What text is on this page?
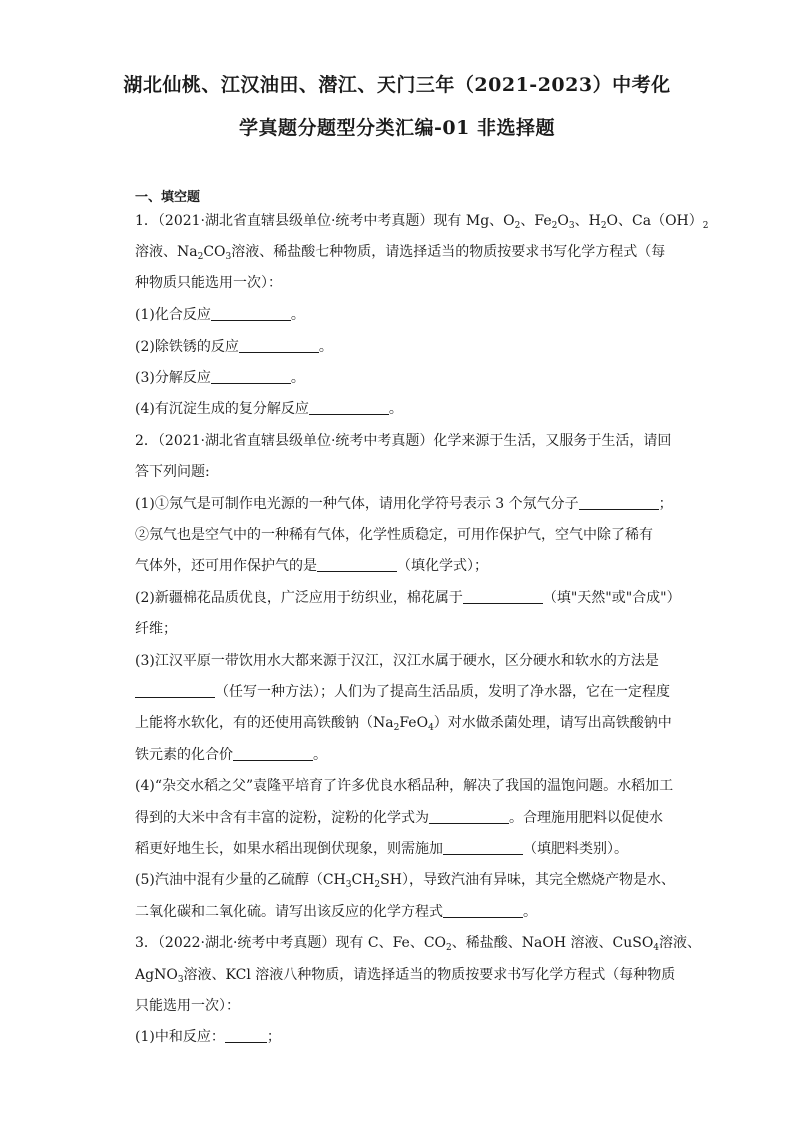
湖北仙桃、江汉油田、潜江、天门三年（2021-2023）中考化
学真题分题型分类汇编-01 非选择题
一、填空题
1．（2021·湖北省直辖县级单位·统考中考真题）现有 Mg、$O_2$、$Fe_2O_3$、$H_2O$、$Ca(OH)_2$
溶液、$Na_2CO_3$溶液、稀盐酸七种物质，请选择适当的物质按要求书写化学方程式（每
种物质只能选用一次）：
(1)化合反应	。
(2)除铁锈的反应	。
(3)分解反应	。
(4)有沉淀生成的复分解反应	。
2．（2021·湖北省直辖县级单位·统考中考真题）化学来源于生活，又服务于生活，请回
答下列问题:
(1)①氖气是可制作电光源的一种气体，请用化学符号表示 3 个氖气分子	；
②氖气也是空气中的一种稀有气体，化学性质稳定，可用作保护气，空气中除了稀有
气体外，还可用作保护气的是	（填化学式）；
(2)新疆棉花品质优良，广泛应用于纺织业，棉花属于	（填"天然"或"合成"）
纤维；
(3)江汉平原一带饮用水大都来源于汉江，汉江水属于硬水，区分硬水和软水的方法是
（任写一种方法）；人们为了提高生活品质，发明了净水器，它在一定程度
上能将水软化，有的还使用高铁酸钠$(Na_2FeO_4)$对水做杀菌处理，请写出高铁酸钠中
铁元素的化合价	。
(4)“杂交水稻之父”袁隆平培育了许多优良水稻品种，解决了我国的温饱问题。水稻加工
得到的大米中含有丰富的淀粉，淀粉的化学式为	。合理施用肥料以促使水
稻更好地生长，如果水稻出现倒伏现象，则需施加	（填肥料类别）。
(5)汽油中混有少量的乙硫醇$(CH_3CH_2SH)$，导致汽油有异味，其完全燃烧产物是水、
二氧化碳和二氧化硫。请写出该反应的化学方程式	。
3．（2022·湖北·统考中考真题）现有 C、Fe、$CO_2$、稀盐酸、NaOH 溶液、CuSO$_4$溶液、
AgNO$_3$溶液、KCl 溶液八种物质，请选择适当的物质按要求书写化学方程式（每种物质
只能选用一次）：
(1)中和反应：	；
